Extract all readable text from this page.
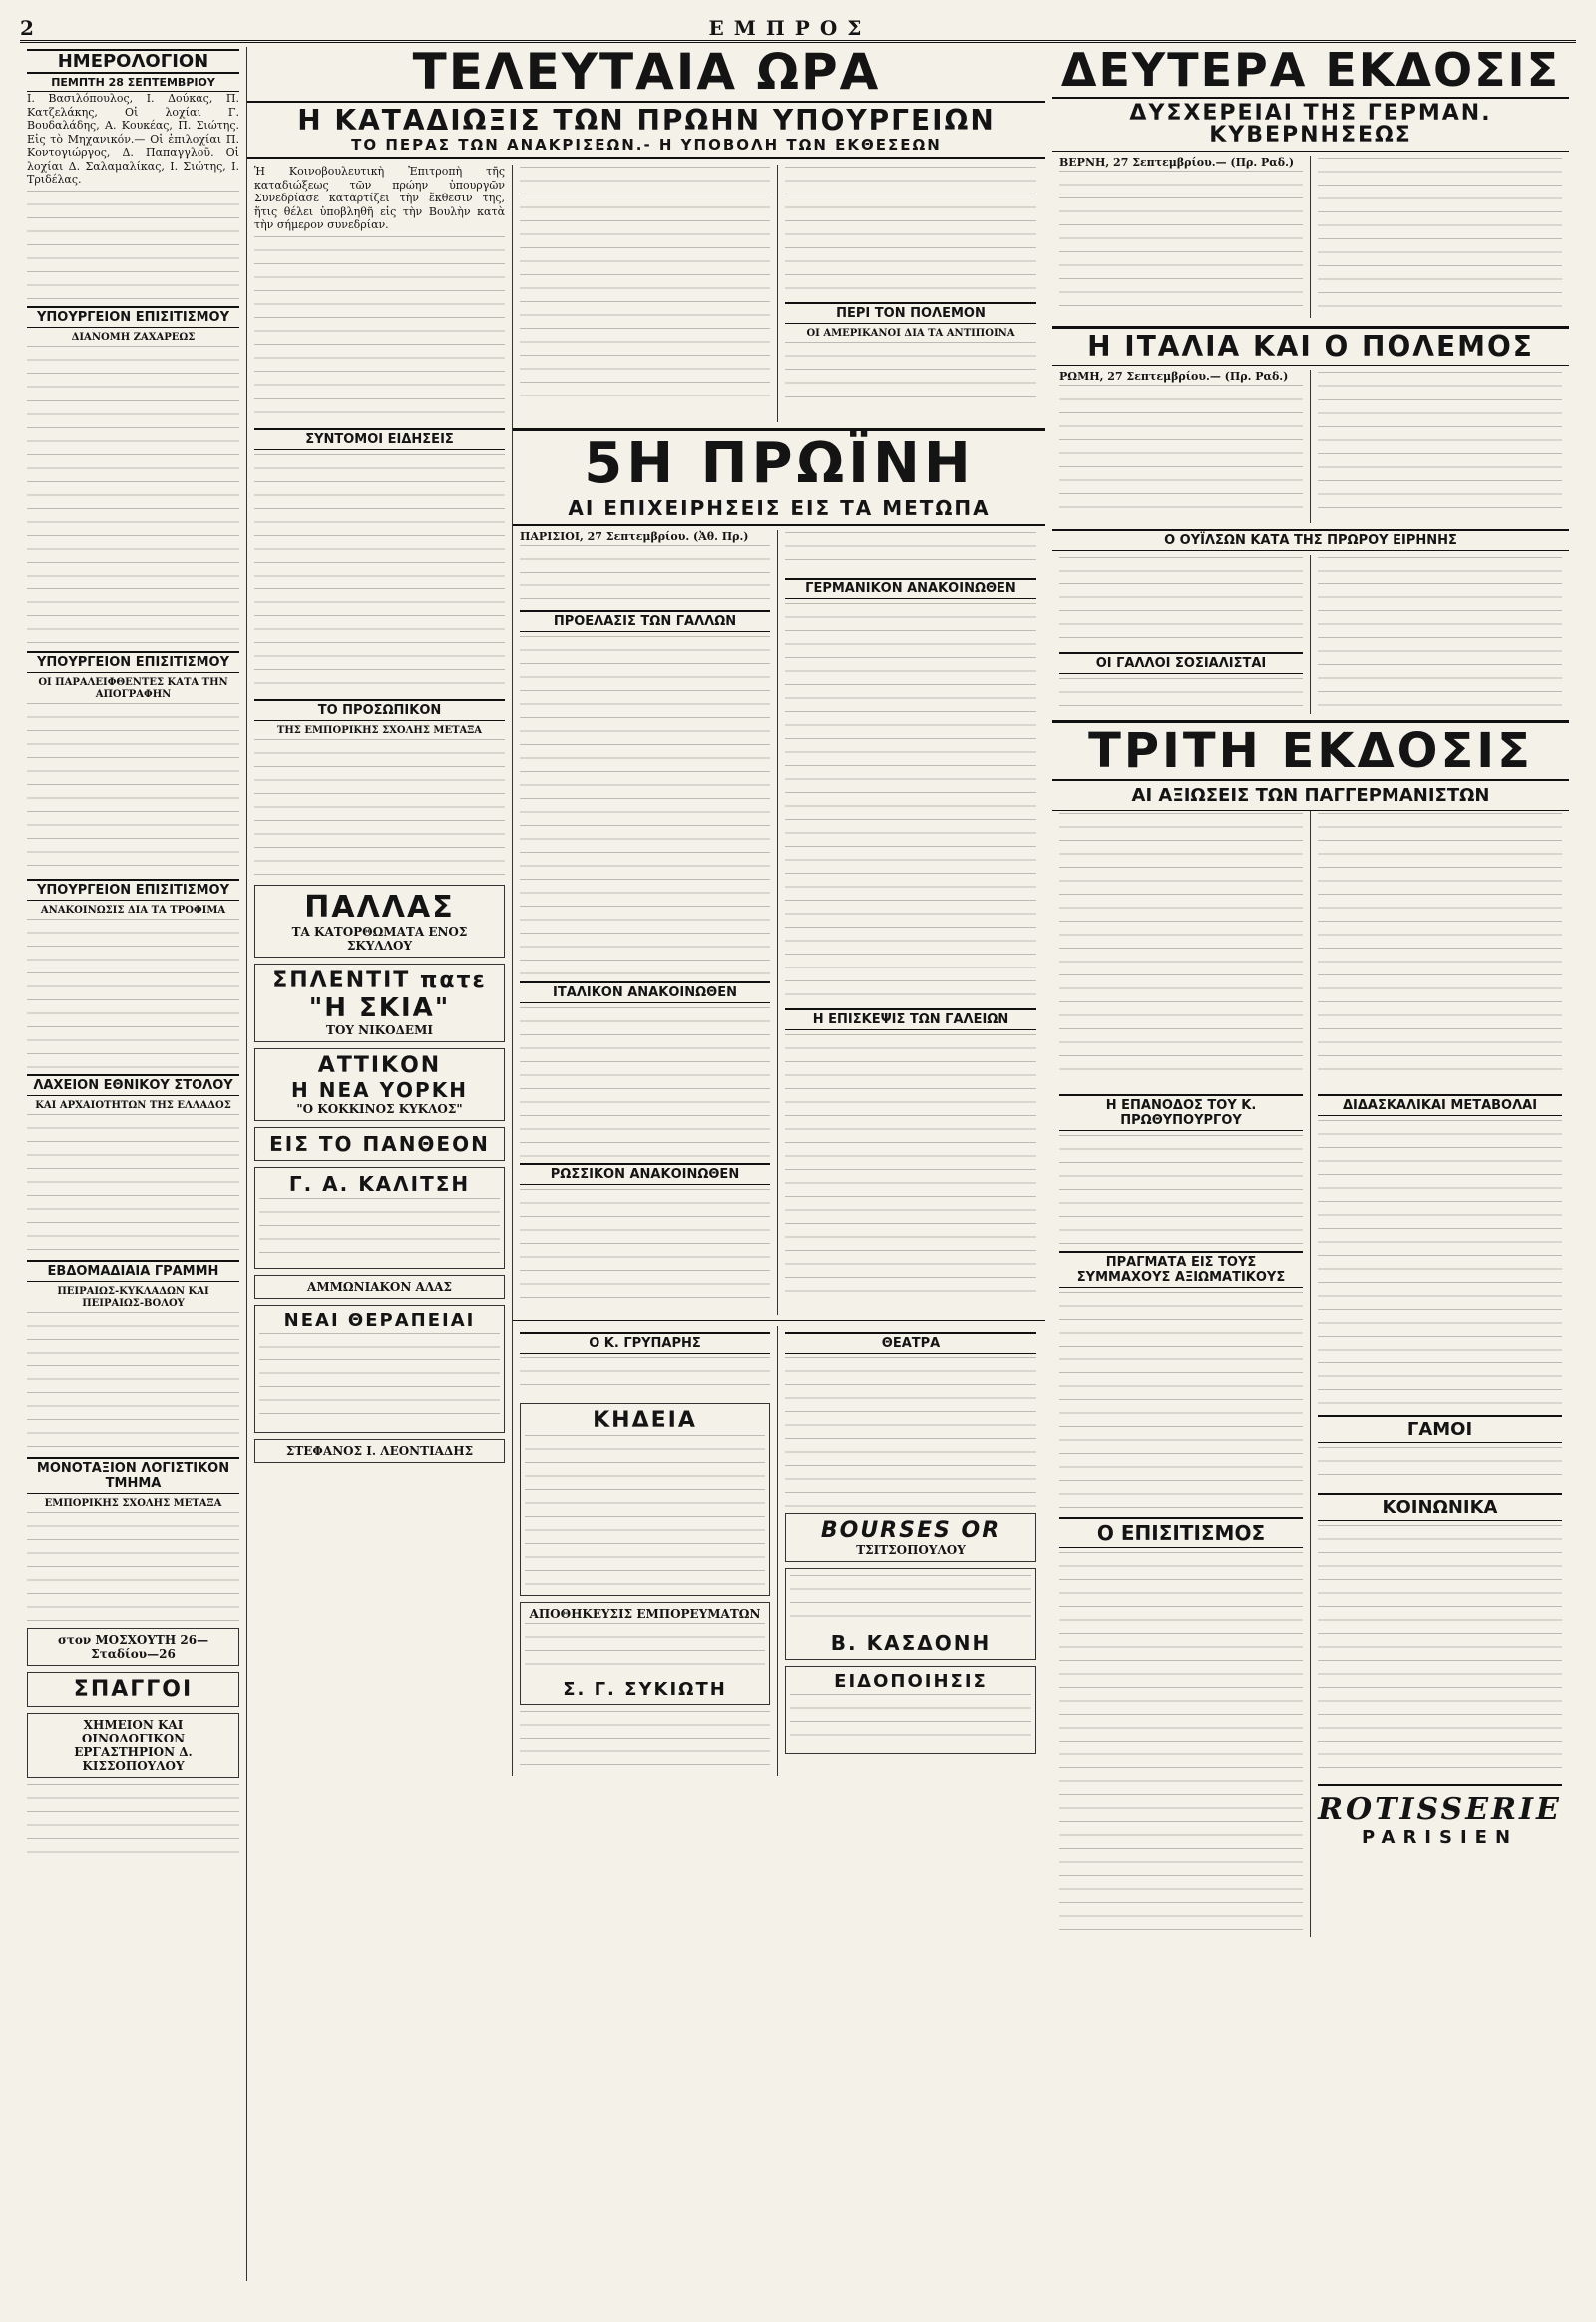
2	ΕΜΠΡΟΣ
ΗΜΕΡΟΛΟΓΙΟΝ
ΠΕΜΠΤΗ 28 ΣΕΠΤΕΜΒΡΙΟΥ

Ι. Βασιλόπουλος, Ι. Δούκας, Π. Κατζελάκης, Οἱ λοχίαι Γ. Βουδαλάδης, Α. Κουκέας, Π. Σιώτης. Εἰς τὸ Μηχανικόν.— Οἱ ἐπιλοχίαι Π. Κοντογιώργος, Δ. Παπαγγλοῦ. Οἱ λοχίαι Δ. Σαλαμαλίκας, Ι. Σιώτης, Ι. Τριδέλας.

ΥΠΟΥΡΓΕΙΟΝ ΕΠΙΣΙΤΙΣΜΟΥ
ΔΙΑΝΟΜΗ ΖΑΧΑΡΕΩΣ
ΥΠΟΥΡΓΕΙΟΝ ΕΠΙΣΙΤΙΣΜΟΥ
ΟΙ ΠΑΡΑΛΕΙΦΘΕΝΤΕΣ ΚΑΤΑ ΤΗΝ ΑΠΟΓΡΑΦΗΝ
ΥΠΟΥΡΓΕΙΟΝ ΕΠΙΣΙΤΙΣΜΟΥ
ΑΝΑΚΟΙΝΩΣΙΣ ΔΙΑ ΤΑ ΤΡΟΦΙΜΑ
ΛΑΧΕΙΟΝ ΕΘΝΙΚΟΥ ΣΤΟΛΟΥ
ΚΑΙ ΑΡΧΑΙΟΤΗΤΩΝ ΤΗΣ ΕΛΛΑΔΟΣ
ΕΒΔΟΜΑΔΙΑΙΑ ΓΡΑΜΜΗ
ΠΕΙΡΑΙΩΣ-ΚΥΚΛΑΔΩΝ ΚΑΙ ΠΕΙΡΑΙΩΣ-ΒΟΛΟΥ
ΜΟΝΟΤΑΞΙΟΝ ΛΟΓΙΣΤΙΚΟΝ ΤΜΗΜΑ
ΕΜΠΟΡΙΚΗΣ ΣΧΟΛΗΣ ΜΕΤΑΞΑ
στον ΜΟΣΧΟΥΤΗ 26—Σταδίου—26
ΣΠΑΓΓΟΙ
ΧΗΜΕΙΟΝ ΚΑΙ ΟΙΝΟΛΟΓΙΚΟΝ ΕΡΓΑΣΤΗΡΙΟΝ Δ. ΚΙΣΣΟΠΟΥΛΟΥ
ΤΕΛΕΥΤΑΙΑ ΩΡΑ
Η ΚΑΤΑΔΙΩΞΙΣ ΤΩΝ ΠΡΩΗΝ ΥΠΟΥΡΓΕΙΩΝ
ΤΟ ΠΕΡΑΣ ΤΩΝ ΑΝΑΚΡΙΣΕΩΝ.- Η ΥΠΟΒΟΛΗ ΤΩΝ ΕΚΘΕΣΕΩΝ

Ἡ Κοινοβουλευτικὴ Ἐπιτροπὴ τῆς καταδιώξεως τῶν πρώην ὑπουργῶν Συνεδρίασε καταρτίζει τὴν ἔκθεσιν της, ἥτις θέλει ὑποβληθῆ εἰς τὴν Βουλὴν κατὰ τὴν σήμερον συνεδρίαν.

ΠΕΡΙ ΤΟΝ ΠΟΛΕΜΟΝ
ΟΙ ΑΜΕΡΙΚΑΝΟΙ ΔΙΑ ΤΑ ΑΝΤΙΠΟΙΝΑ
ΣΥΝΤΟΜΟΙ ΕΙΔΗΣΕΙΣ
ΤΟ ΠΡΟΣΩΠΙΚΟΝ
ΤΗΣ ΕΜΠΟΡΙΚΗΣ ΣΧΟΛΗΣ ΜΕΤΑΞΑ
ΠΑΛΛΑΣ
ΤΑ ΚΑΤΟΡΘΩΜΑΤΑ ΕΝΟΣ ΣΚΥΛΛΟΥ
ΣΠΛΕΝΤΙΤ πατε
"Η ΣΚΙΑ"
ΤΟΥ ΝΙΚΟΔΕΜΙ
ΑΤΤΙΚΟΝ
Η ΝΕΑ ΥΟΡΚΗ
"Ο ΚΟΚΚΙΝΟΣ ΚΥΚΛΟΣ"
ΕΙΣ ΤΟ ΠΑΝΘΕΟΝ
Γ. Α. ΚΑΛΙΤΣΗ
ΑΜΜΩΝΙΑΚΟΝ ΑΛΑΣ
ΝΕΑΙ ΘΕΡΑΠΕΙΑΙ
ΣΤΕΦΑΝΟΣ Ι. ΛΕΟΝΤΙΑΔΗΣ
5Η ΠΡΩΪΝΗ
ΑΙ ΕΠΙΧΕΙΡΗΣΕΙΣ ΕΙΣ ΤΑ ΜΕΤΩΠΑ
ΠΑΡΙΣΙΟΙ, 27 Σεπτεμβρίου. (Ἀθ. Πρ.)
ΠΡΟΕΛΑΣΙΣ ΤΩΝ ΓΑΛΛΩΝ
ΙΤΑΛΙΚΟΝ ΑΝΑΚΟΙΝΩΘΕΝ
ΡΩΣΣΙΚΟΝ ΑΝΑΚΟΙΝΩΘΕΝ
ΓΕΡΜΑΝΙΚΟΝ ΑΝΑΚΟΙΝΩΘΕΝ
Η ΕΠΙΣΚΕΨΙΣ ΤΩΝ ΓΑΛΕΙΩΝ
Ο Κ. ΓΡΥΠΑΡΗΣ
ΚΗΔΕΙΑ
ΑΠΟΘΗΚΕΥΣΙΣ ΕΜΠΟΡΕΥΜΑΤΩΝ
Σ. Γ. ΣΥΚΙΩΤΗ
ΘΕΑΤΡΑ
BOURSES OR
ΤΣΙΤΣΟΠΟΥΛΟΥ
Β. ΚΑΣΔΟΝΗ
ΕΙΔΟΠΟΙΗΣΙΣ
ΔΕΥΤΕΡΑ ΕΚΔΟΣΙΣ
ΔΥΣΧΕΡΕΙΑΙ ΤΗΣ ΓΕΡΜΑΝ. ΚΥΒΕΡΝΗΣΕΩΣ
ΒΕΡΝΗ, 27 Σεπτεμβρίου.— (Πρ. Ραδ.)
Η ΙΤΑΛΙΑ ΚΑΙ Ο ΠΟΛΕΜΟΣ
ΡΩΜΗ, 27 Σεπτεμβρίου.— (Πρ. Ραδ.)
Ο ΟΥΪΛΣΩΝ ΚΑΤΑ ΤΗΣ ΠΡΩΡΟΥ ΕΙΡΗΝΗΣ
ΟΙ ΓΑΛΛΟΙ ΣΟΣΙΑΛΙΣΤΑΙ
ΤΡΙΤΗ ΕΚΔΟΣΙΣ
ΑΙ ΑΞΙΩΣΕΙΣ ΤΩΝ ΠΑΓΓΕΡΜΑΝΙΣΤΩΝ
Η ΕΠΑΝΟΔΟΣ ΤΟΥ Κ. ΠΡΩΘΥΠΟΥΡΓΟΥ
ΠΡΑΓΜΑΤΑ ΕΙΣ ΤΟΥΣ ΣΥΜΜΑΧΟΥΣ ΑΞΙΩΜΑΤΙΚΟΥΣ
Ο ΕΠΙΣΙΤΙΣΜΟΣ
ΔΙΔΑΣΚΑΛΙΚΑΙ ΜΕΤΑΒΟΛΑΙ
ΓΑΜΟΙ
ΚΟΙΝΩΝΙΚΑ
ROTISSERIE
PARISIEN
